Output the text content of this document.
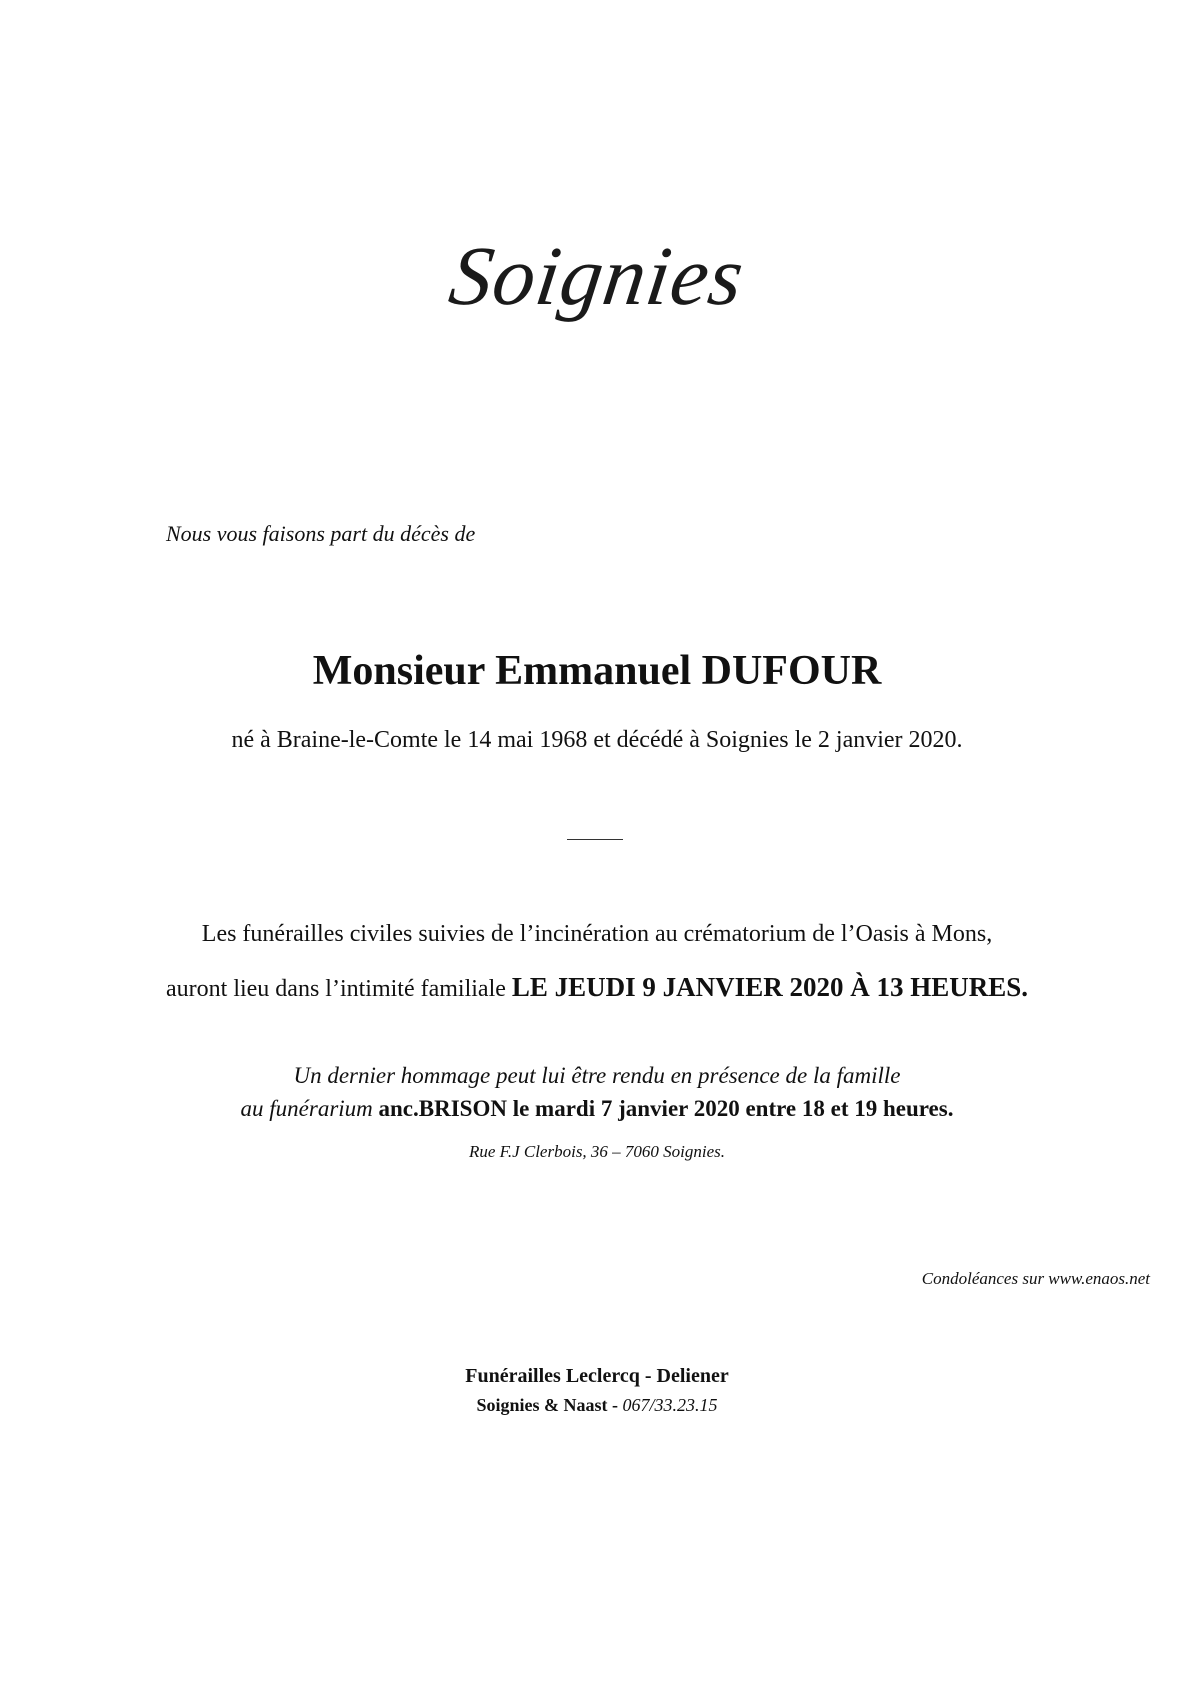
Soignies
Nous vous faisons part du décès de
Monsieur Emmanuel DUFOUR
né à Braine-le-Comte le 14 mai 1968 et décédé à Soignies le 2 janvier 2020.
Les funérailles civiles suivies de l’incinération au crématorium de l’Oasis à Mons,
auront lieu dans l’intimité familiale LE JEUDI 9 JANVIER 2020 À 13 HEURES.
Un dernier hommage peut lui être rendu en présence de la famille
au funérarium anc.BRISON le mardi 7 janvier 2020 entre 18 et 19 heures.
Rue F.J Clerbois, 36 – 7060 Soignies.
Condoléances sur www.enaos.net
Funérailles Leclercq - Deliener
Soignies & Naast - 067/33.23.15
